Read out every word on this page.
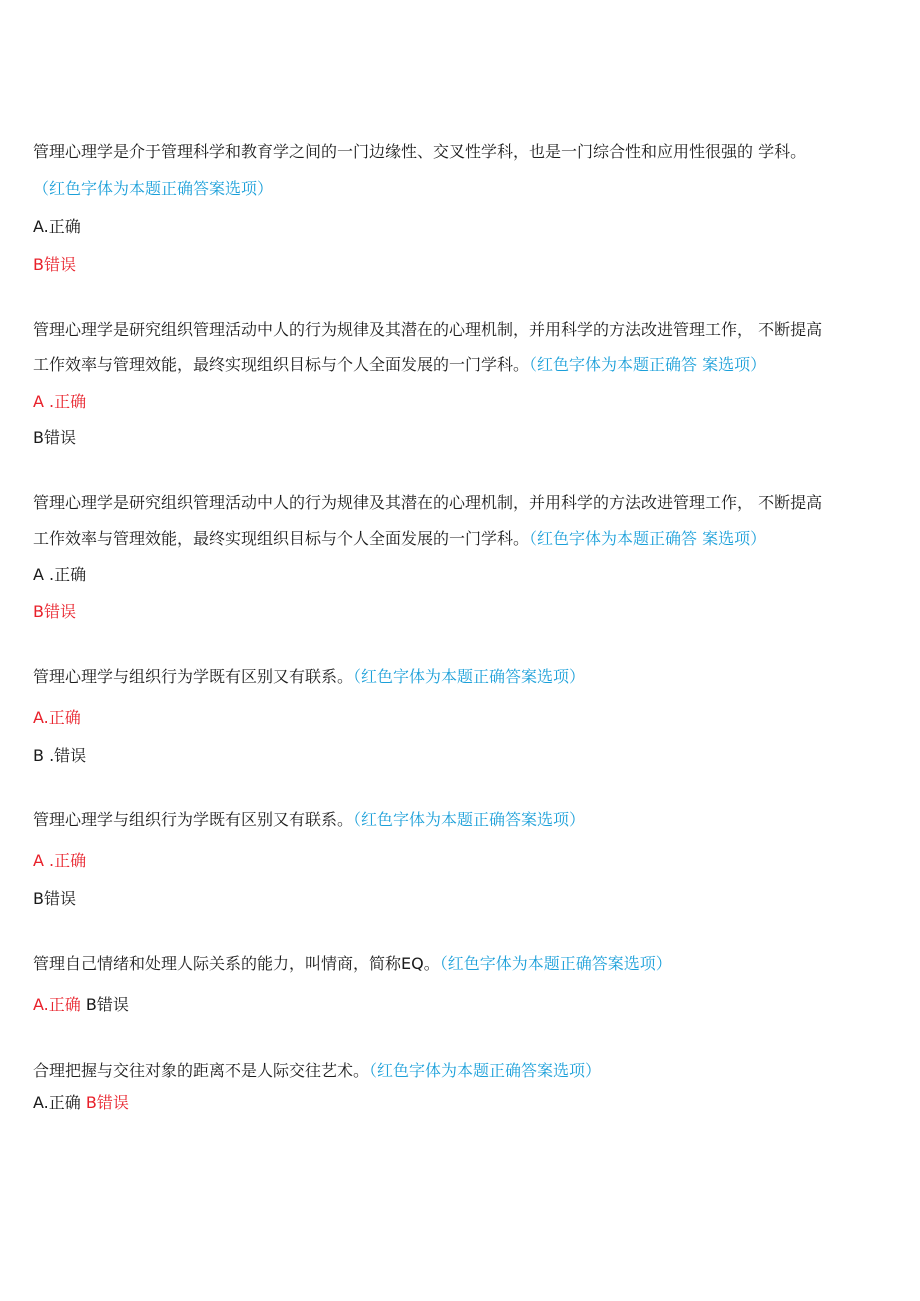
管理心理学是介于管理科学和教育学之间的一门边缘性、交叉性学科，也是一门综合性和应用性很强的 学科。
（红色字体为本题正确答案选项）
A.正确
B错误
管理心理学是研究组织管理活动中人的行为规律及其潜在的心理机制，并用科学的方法改进管理工作， 不断提高
工作效率与管理效能，最终实现组织目标与个人全面发展的一门学科。（红色字体为本题正确答 案选项）
A .正确
B错误
管理心理学是研究组织管理活动中人的行为规律及其潜在的心理机制，并用科学的方法改进管理工作， 不断提高
工作效率与管理效能，最终实现组织目标与个人全面发展的一门学科。（红色字体为本题正确答 案选项）
A .正确
B错误
管理心理学与组织行为学既有区别又有联系。（红色字体为本题正确答案选项）
A.正确
B .错误
管理心理学与组织行为学既有区别又有联系。（红色字体为本题正确答案选项）
A .正确
B错误
管理自己情绪和处理人际关系的能力，叫情商，简称EQ。（红色字体为本题正确答案选项）
A.正确 B错误
合理把握与交往对象的距离不是人际交往艺术。（红色字体为本题正确答案选项）
A.正确 B错误
